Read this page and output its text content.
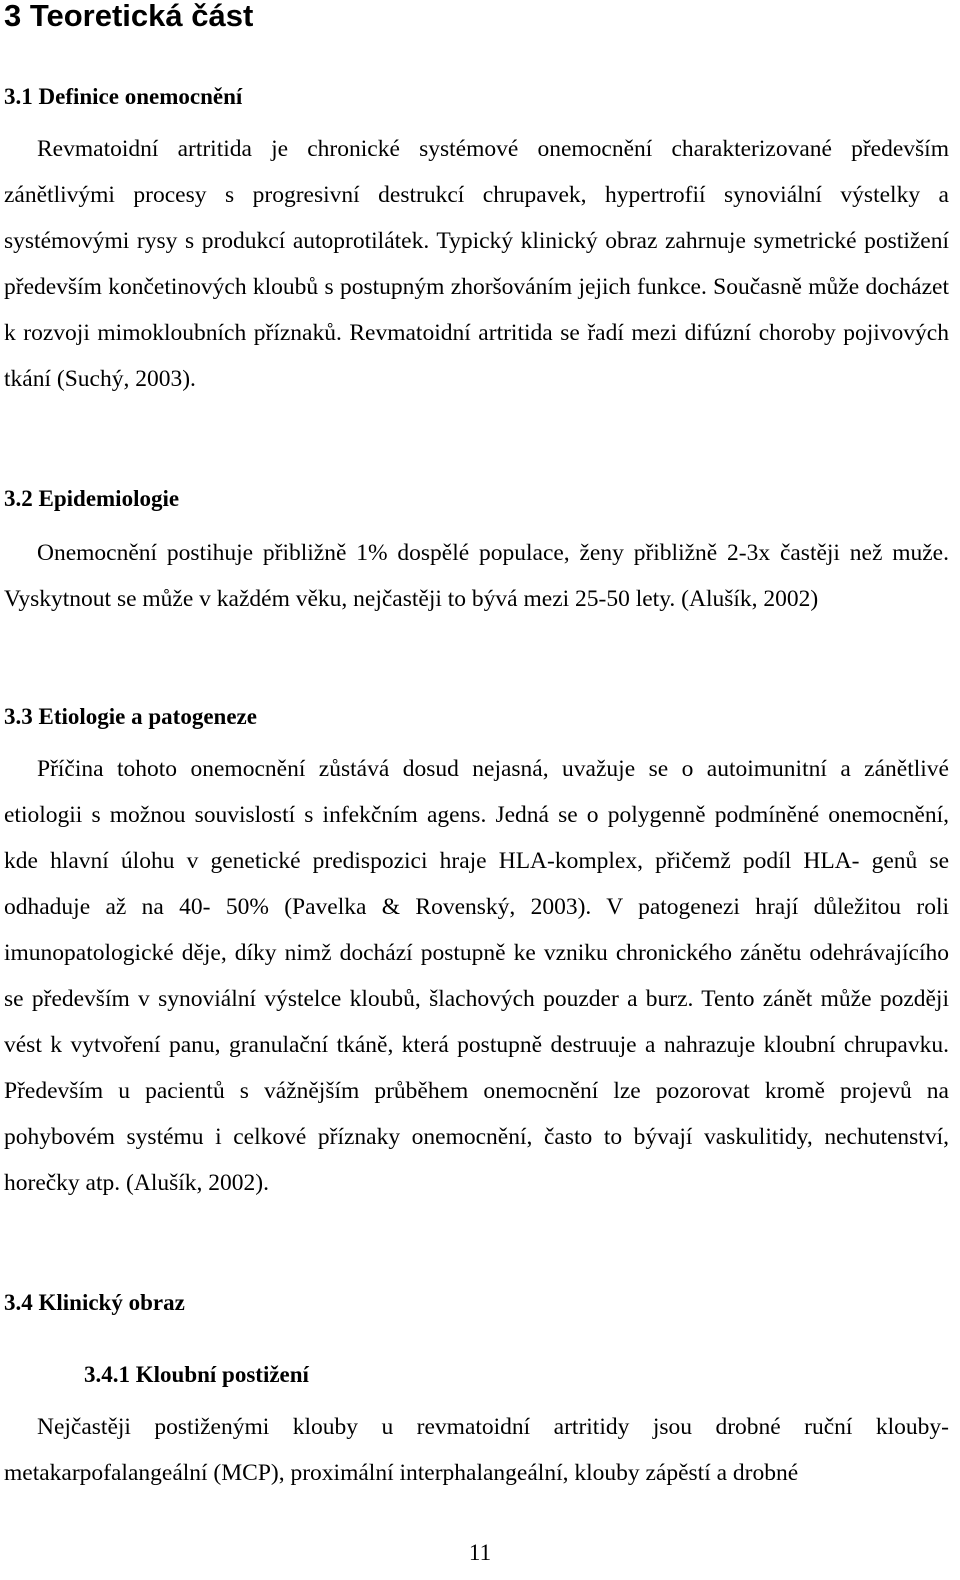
3 Teoretická část
3.1 Definice onemocnění

Revmatoidní artritida je chronické systémové onemocnění charakterizované především zánětlivými procesy s progresivní destrukcí chrupavek, hypertrofií synoviální výstelky a systémovými rysy s produkcí autoprotilátek. Typický klinický obraz zahrnuje symetrické postižení především končetinových kloubů s postupným zhoršováním jejich funkce. Současně může docházet k rozvoji mimokloubních příznaků. Revmatoidní artritida se řadí mezi difúzní choroby pojivových tkání (Suchý, 2003).

3.2 Epidemiologie

Onemocnění postihuje přibližně 1% dospělé populace, ženy přibližně 2-3x častěji než muže. Vyskytnout se může v každém věku, nejčastěji to bývá mezi 25-50 lety. (Alušík, 2002)

3.3 Etiologie a patogeneze

Příčina tohoto onemocnění zůstává dosud nejasná, uvažuje se o autoimunitní a zánětlivé etiologii s možnou souvislostí s infekčním agens. Jedná se o polygenně podmíněné onemocnění, kde hlavní úlohu v genetické predispozici hraje HLA-komplex, přičemž podíl HLA- genů se odhaduje až na 40- 50% (Pavelka & Rovenský, 2003). V patogenezi hrají důležitou roli imunopatologické děje, díky nimž dochází postupně ke vzniku chronického zánětu odehrávajícího se především v synoviální výstelce kloubů, šlachových pouzder a burz. Tento zánět může později vést k vytvoření panu, granulační tkáně, která postupně destruuje a nahrazuje kloubní chrupavku. Především u pacientů s vážnějším průběhem onemocnění lze pozorovat kromě projevů na pohybovém systému i celkové příznaky onemocnění, často to bývají vaskulitidy, nechutenství, horečky atp. (Alušík, 2002).

3.4 Klinický obraz
3.4.1 Kloubní postižení

Nejčastěji postiženými klouby u revmatoidní artritidy jsou drobné ruční klouby-metakarpofalangeální (MCP), proximální interphalangeální, klouby zápěstí a drobné

11
